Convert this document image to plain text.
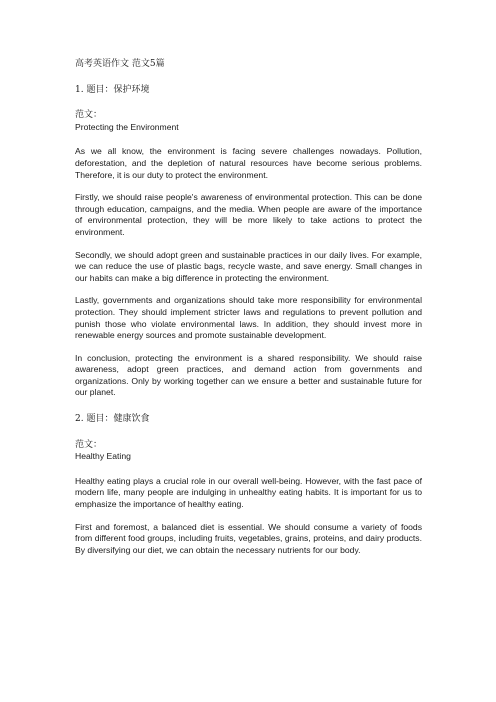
高考英语作文 范文5篇

1. 题目：保护环境

范文：

Protecting the Environment

As we all know, the environment is facing severe challenges nowadays. Pollution, deforestation, and the depletion of natural resources have become serious problems. Therefore, it is our duty to protect the environment.

Firstly, we should raise people's awareness of environmental protection. This can be done through education, campaigns, and the media. When people are aware of the importance of environmental protection, they will be more likely to take actions to protect the environment.

Secondly, we should adopt green and sustainable practices in our daily lives. For example, we can reduce the use of plastic bags, recycle waste, and save energy. Small changes in our habits can make a big difference in protecting the environment.

Lastly, governments and organizations should take more responsibility for environmental protection. They should implement stricter laws and regulations to prevent pollution and punish those who violate environmental laws. In addition, they should invest more in renewable energy sources and promote sustainable development.

In conclusion, protecting the environment is a shared responsibility. We should raise awareness, adopt green practices, and demand action from governments and organizations. Only by working together can we ensure a better and sustainable future for our planet.

2. 题目：健康饮食

范文：

Healthy Eating

Healthy eating plays a crucial role in our overall well-being. However, with the fast pace of modern life, many people are indulging in unhealthy eating habits. It is important for us to emphasize the importance of healthy eating.

First and foremost, a balanced diet is essential. We should consume a variety of foods from different food groups, including fruits, vegetables, grains, proteins, and dairy products. By diversifying our diet, we can obtain the necessary nutrients for our body.
